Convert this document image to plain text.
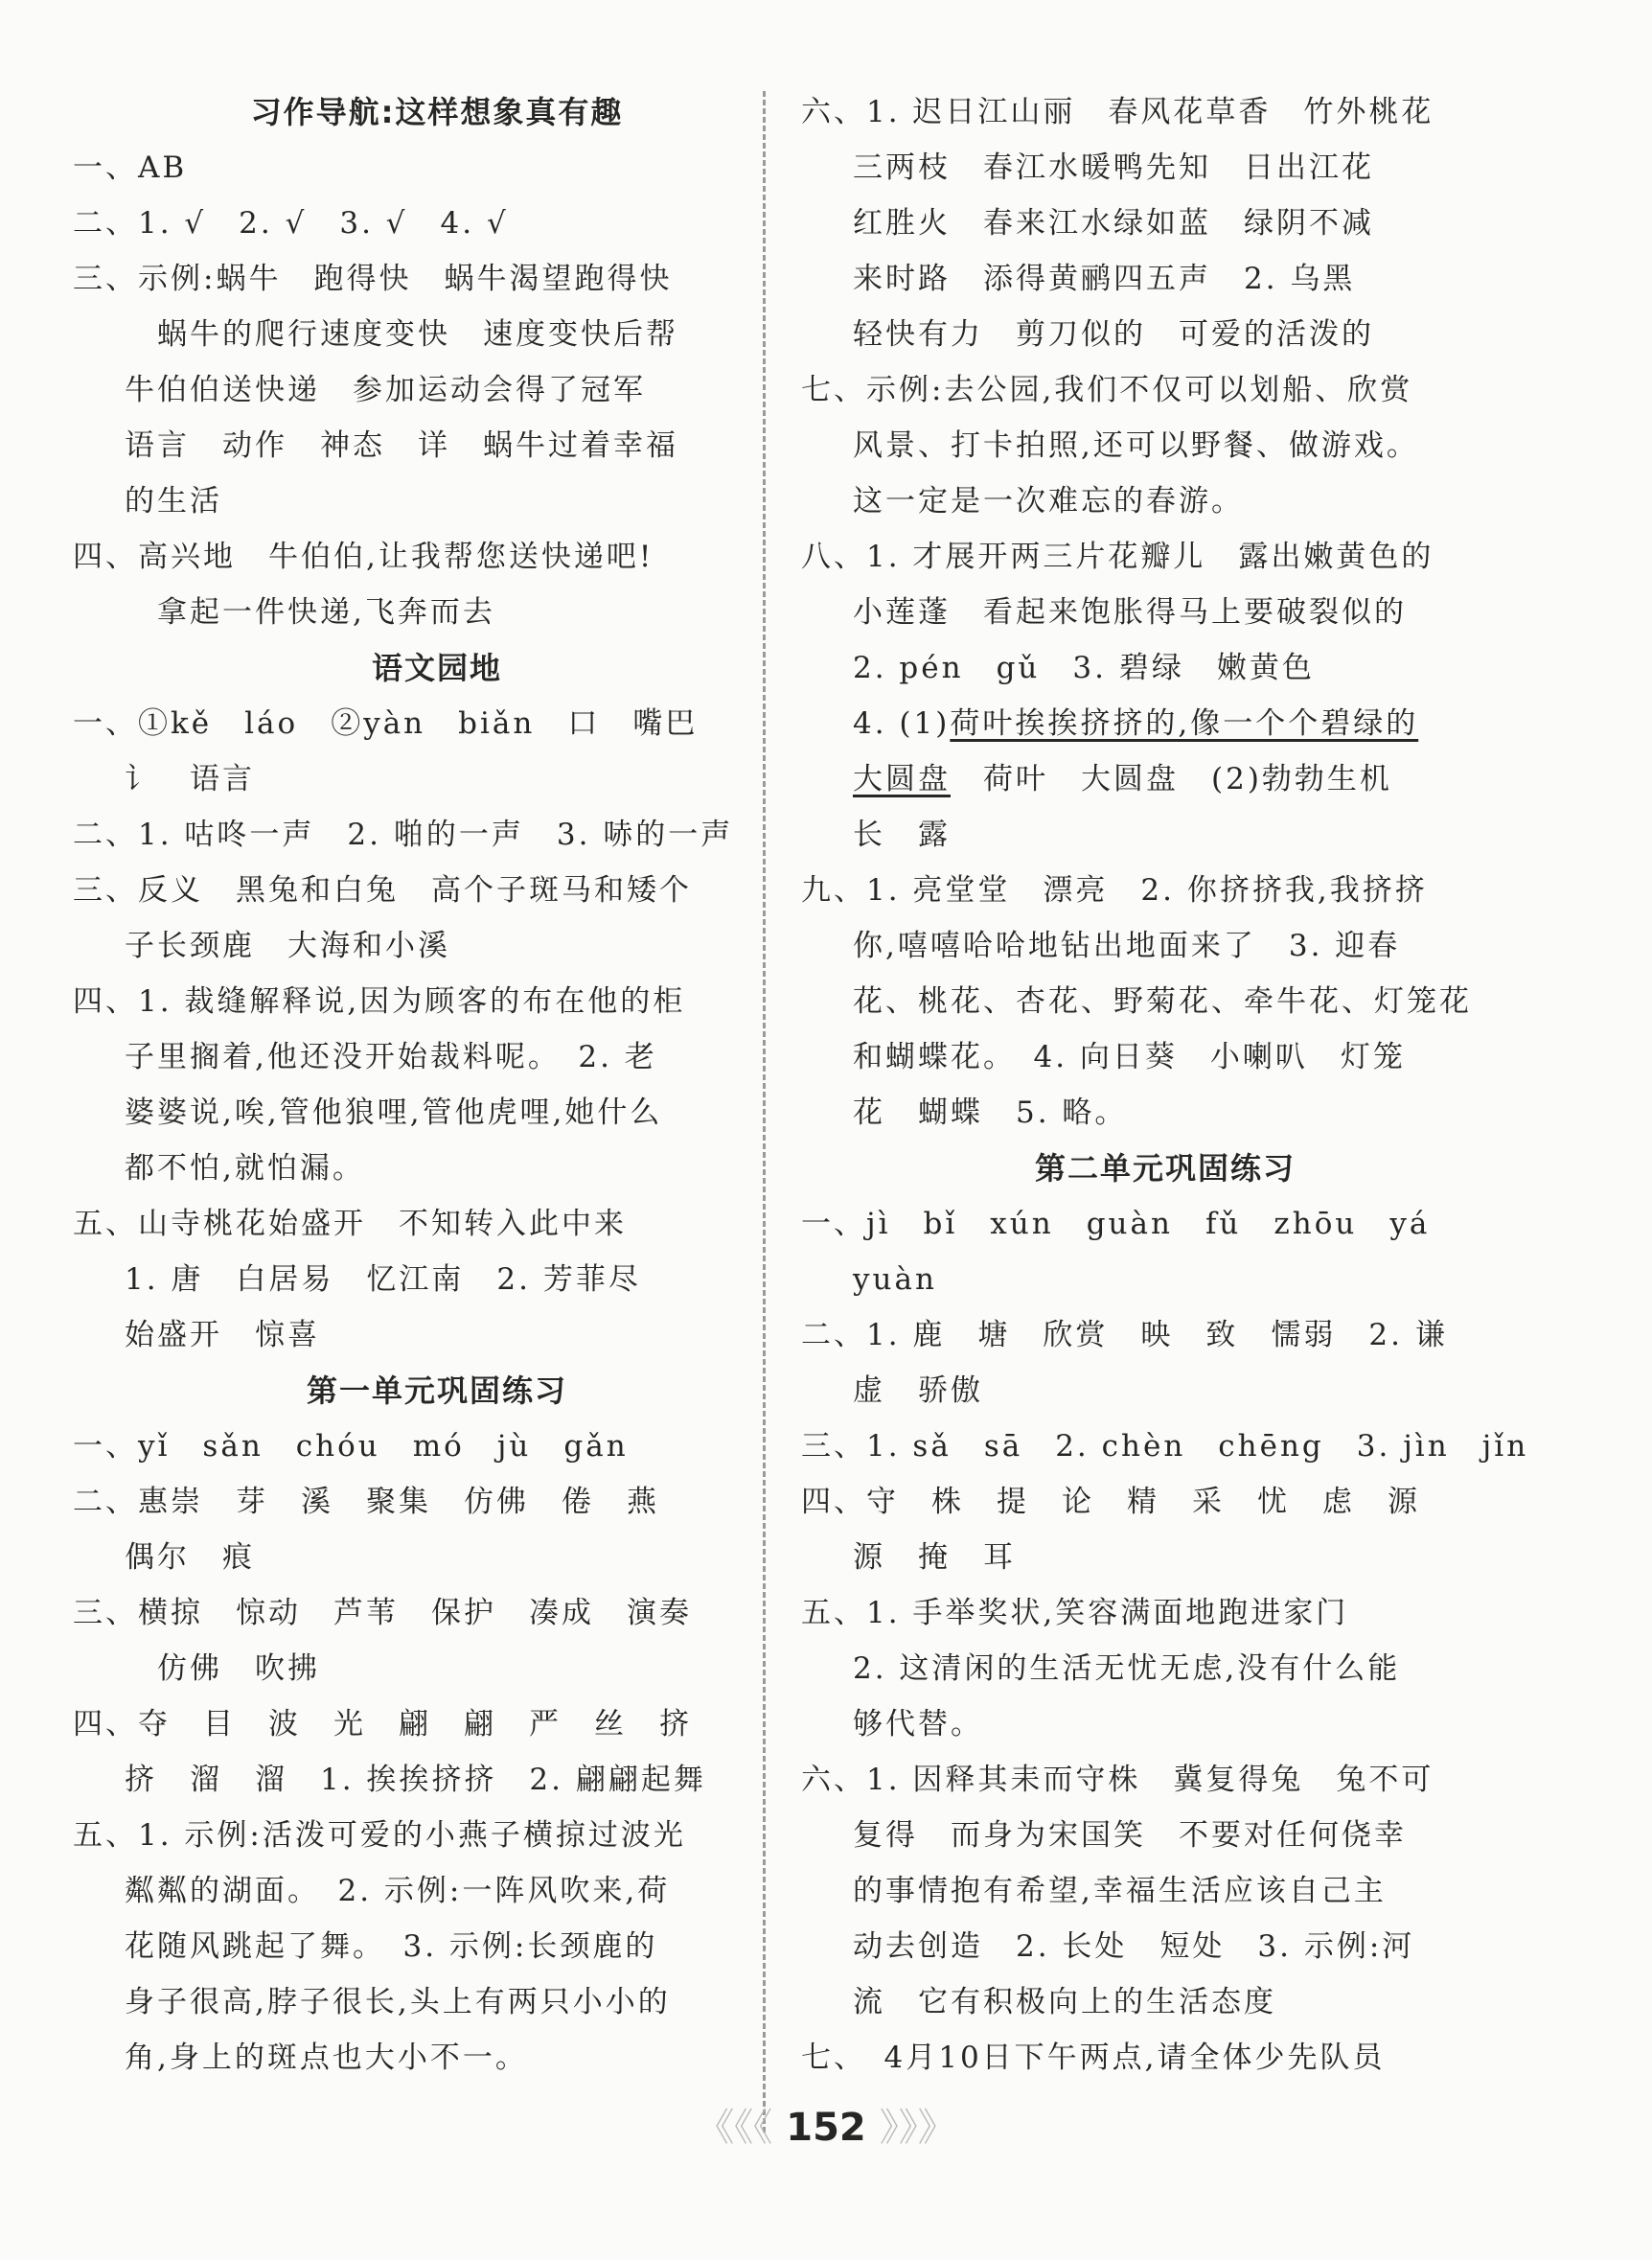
习作导航:这样想象真有趣
一、AB
二、1. √　2. √　3. √　4. √
三、示例:蜗牛　跑得快　蜗牛渴望跑得快
蜗牛的爬行速度变快　速度变快后帮
牛伯伯送快递　参加运动会得了冠军
语言　动作　神态　详　蜗牛过着幸福
的生活
四、高兴地　牛伯伯,让我帮您送快递吧!
拿起一件快递,飞奔而去
语文园地
一、①kě　láo　②yàn　biǎn　口　嘴巴
讠　语言
二、1. 咕咚一声　2. 啪的一声　3. 哧的一声
三、反义　黑兔和白兔　高个子斑马和矮个
子长颈鹿　大海和小溪
四、1. 裁缝解释说,因为顾客的布在他的柜
子里搁着,他还没开始裁料呢。　2. 老
婆婆说,唉,管他狼哩,管他虎哩,她什么
都不怕,就怕漏。
五、山寺桃花始盛开　不知转入此中来
1. 唐　白居易　忆江南　2. 芳菲尽
始盛开　惊喜
第一单元巩固练习
一、yǐ　sǎn　chóu　mó　jù　gǎn
二、惠崇　芽　溪　聚集　仿佛　倦　燕
偶尔　痕
三、横掠　惊动　芦苇　保护　凑成　演奏
仿佛　吹拂
四、夺　目　波　光　翩　翩　严　丝　挤
挤　溜　溜　1. 挨挨挤挤　2. 翩翩起舞
五、1. 示例:活泼可爱的小燕子横掠过波光
粼粼的湖面。　2. 示例:一阵风吹来,荷
花随风跳起了舞。　3. 示例:长颈鹿的
身子很高,脖子很长,头上有两只小小的
角,身上的斑点也大小不一。
六、1. 迟日江山丽　春风花草香　竹外桃花
三两枝　春江水暖鸭先知　日出江花
红胜火　春来江水绿如蓝　绿阴不减
来时路　添得黄鹂四五声　2. 乌黑
轻快有力　剪刀似的　可爱的活泼的
七、示例:去公园,我们不仅可以划船、欣赏
风景、打卡拍照,还可以野餐、做游戏。
这一定是一次难忘的春游。
八、1. 才展开两三片花瓣儿　露出嫩黄色的
小莲蓬　看起来饱胀得马上要破裂似的
2. pén　gǔ　3. 碧绿　嫩黄色
4. (1)荷叶挨挨挤挤的,像一个个碧绿的
大圆盘　荷叶　大圆盘　(2)勃勃生机
长　露
九、1. 亮堂堂　漂亮　2. 你挤挤我,我挤挤
你,嘻嘻哈哈地钻出地面来了　3. 迎春
花、桃花、杏花、野菊花、牵牛花、灯笼花
和蝴蝶花。　4. 向日葵　小喇叭　灯笼
花　蝴蝶　5. 略。
第二单元巩固练习
一、jì　bǐ　xún　guàn　fǔ　zhōu　yá
yuàn
二、1. 鹿　塘　欣赏　映　致　懦弱　2. 谦
虚　骄傲
三、1. sǎ　sā　2. chèn　chēng　3. jìn　jǐn
四、守　株　提　论　精　采　忧　虑　源
源　掩　耳
五、1. 手举奖状,笑容满面地跑进家门
2. 这清闲的生活无忧无虑,没有什么能
够代替。
六、1. 因释其耒而守株　冀复得兔　兔不可
复得　而身为宋国笑　不要对任何侥幸
的事情抱有希望,幸福生活应该自己主
动去创造　2. 长处　短处　3. 示例:河
流　它有积极向上的生活态度
七、　4月10日下午两点,请全体少先队员
《《《 152 》》》
